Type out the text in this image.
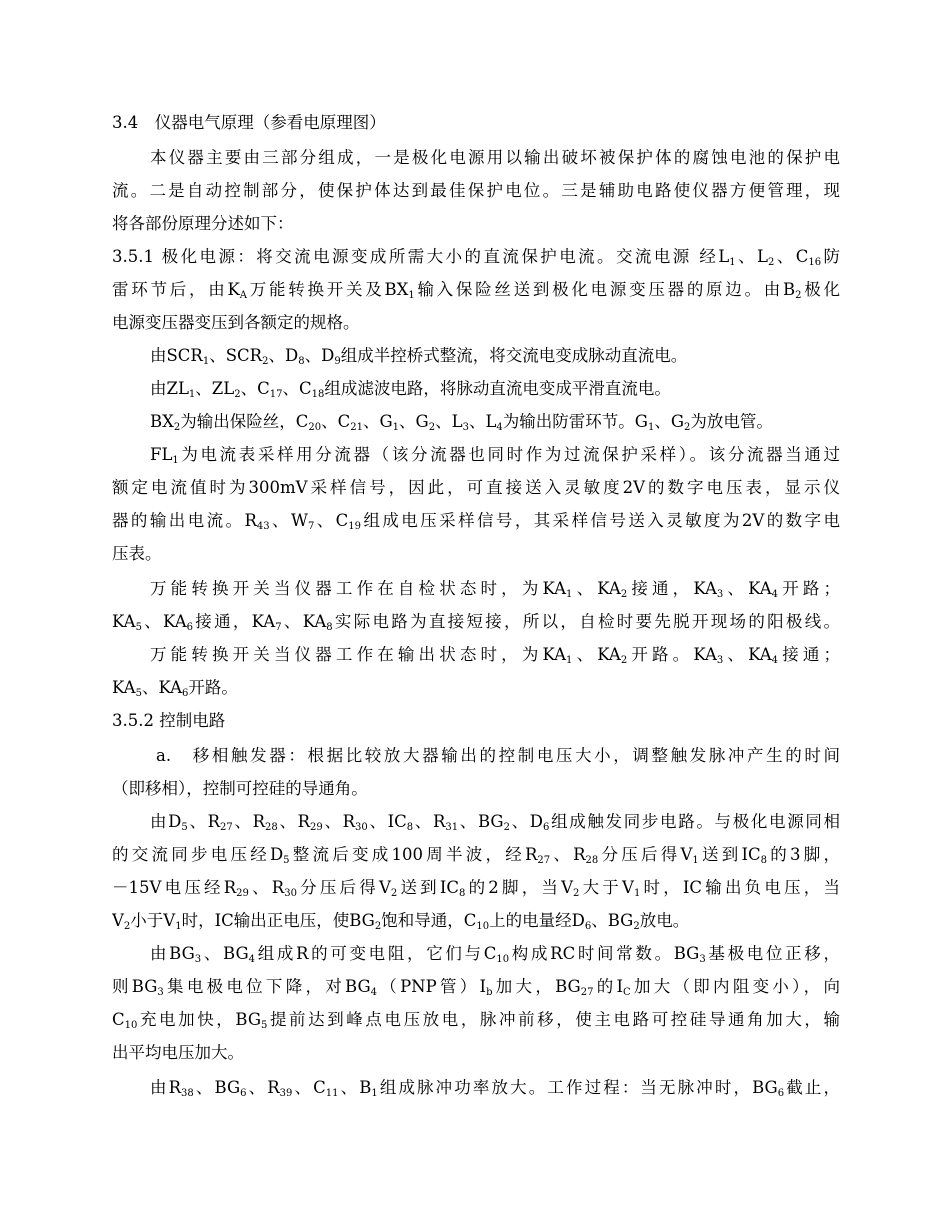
3.4　仪器电气原理（参看电原理图）
本仪器主要由三部分组成，一是极化电源用以输出破坏被保护体的腐蚀电池的保护电
流。二是自动控制部分，使保护体达到最佳保护电位。三是辅助电路使仪器方便管理，现
将各部份原理分述如下：
3.5.1 极化电源：将交流电源变成所需大小的直流保护电流。交流电源 经$L_1$、$L_2$、$C_{16}$防
雷环节后，由$K_A$万能转换开关及$BX_1$输入保险丝送到极化电源变压器的原边。由$B_2$极化
电源变压器变压到各额定的规格。
由$SCR_1$、$SCR_2$、$D_8$、$D_9$组成半控桥式整流，将交流电变成脉动直流电。
由$ZL_1$、$ZL_2$、$C_{17}$、$C_{18}$组成滤波电路，将脉动直流电变成平滑直流电。
$BX_2$为输出保险丝，$C_{20}$、$C_{21}$、$G_1$、$G_2$、$L_3$、$L_4$为输出防雷环节。$G_1$、$G_2$为放电管。
$FL_1$为电流表采样用分流器（该分流器也同时作为过流保护采样）。该分流器当通过
额定电流值时为300mV采样信号，因此，可直接送入灵敏度2V的数字电压表，显示仪
器的输出电流。$R_{43}$、$W_7$、$C_{19}$组成电压采样信号，其采样信号送入灵敏度为2V的数字电
压表。
万能转换开关当仪器工作在自检状态时，为$KA_1$、$KA_2$接通，$KA_3$、$KA_4$开路；
$KA_5$、$KA_6$接通，$KA_7$、$KA_8$实际电路为直接短接，所以，自检时要先脱开现场的阳极线。
万能转换开关当仪器工作在输出状态时，为$KA_1$、$KA_2$开路。$KA_3$、$KA_4$接通；
$KA_5$、$KA_6$开路。
3.5.2 控制电路
a.　移相触发器：根据比较放大器输出的控制电压大小，调整触发脉冲产生的时间
（即移相），控制可控硅的导通角。
由$D_5$、$R_{27}$、$R_{28}$、$R_{29}$、$R_{30}$、$IC_8$、$R_{31}$、$BG_2$、$D_6$组成触发同步电路。与极化电源同相
的交流同步电压经$D_5$整流后变成100周半波，经$R_{27}$、$R_{28}$分压后得$V_1$送到$IC_8$的3脚，
－15V电压经$R_{29}$、$R_{30}$分压后得$V_2$送到$IC_8$的2脚，当$V_2$大于$V_1$时，IC输出负电压，当
$V_2$小于$V_1$时，IC输出正电压，使$BG_2$饱和导通，$C_{10}$上的电量经$D_6$、$BG_2$放电。
由$BG_3$、$BG_4$组成R的可变电阻，它们与$C_{10}$构成RC时间常数。$BG_3$基极电位正移，
则$BG_3$集电极电位下降，对$BG_4(PNP$管）$I_b$加大，$BG_{27}$的$I_C$加大（即内阻变小），向
$C_{10}$充电加快，$BG_5$提前达到峰点电压放电，脉冲前移，使主电路可控硅导通角加大，输
出平均电压加大。
由$R_{38}$、$BG_6$、$R_{39}$、$C_{11}$、$B_1$组成脉冲功率放大。工作过程：当无脉冲时，$BG_6$截止，
